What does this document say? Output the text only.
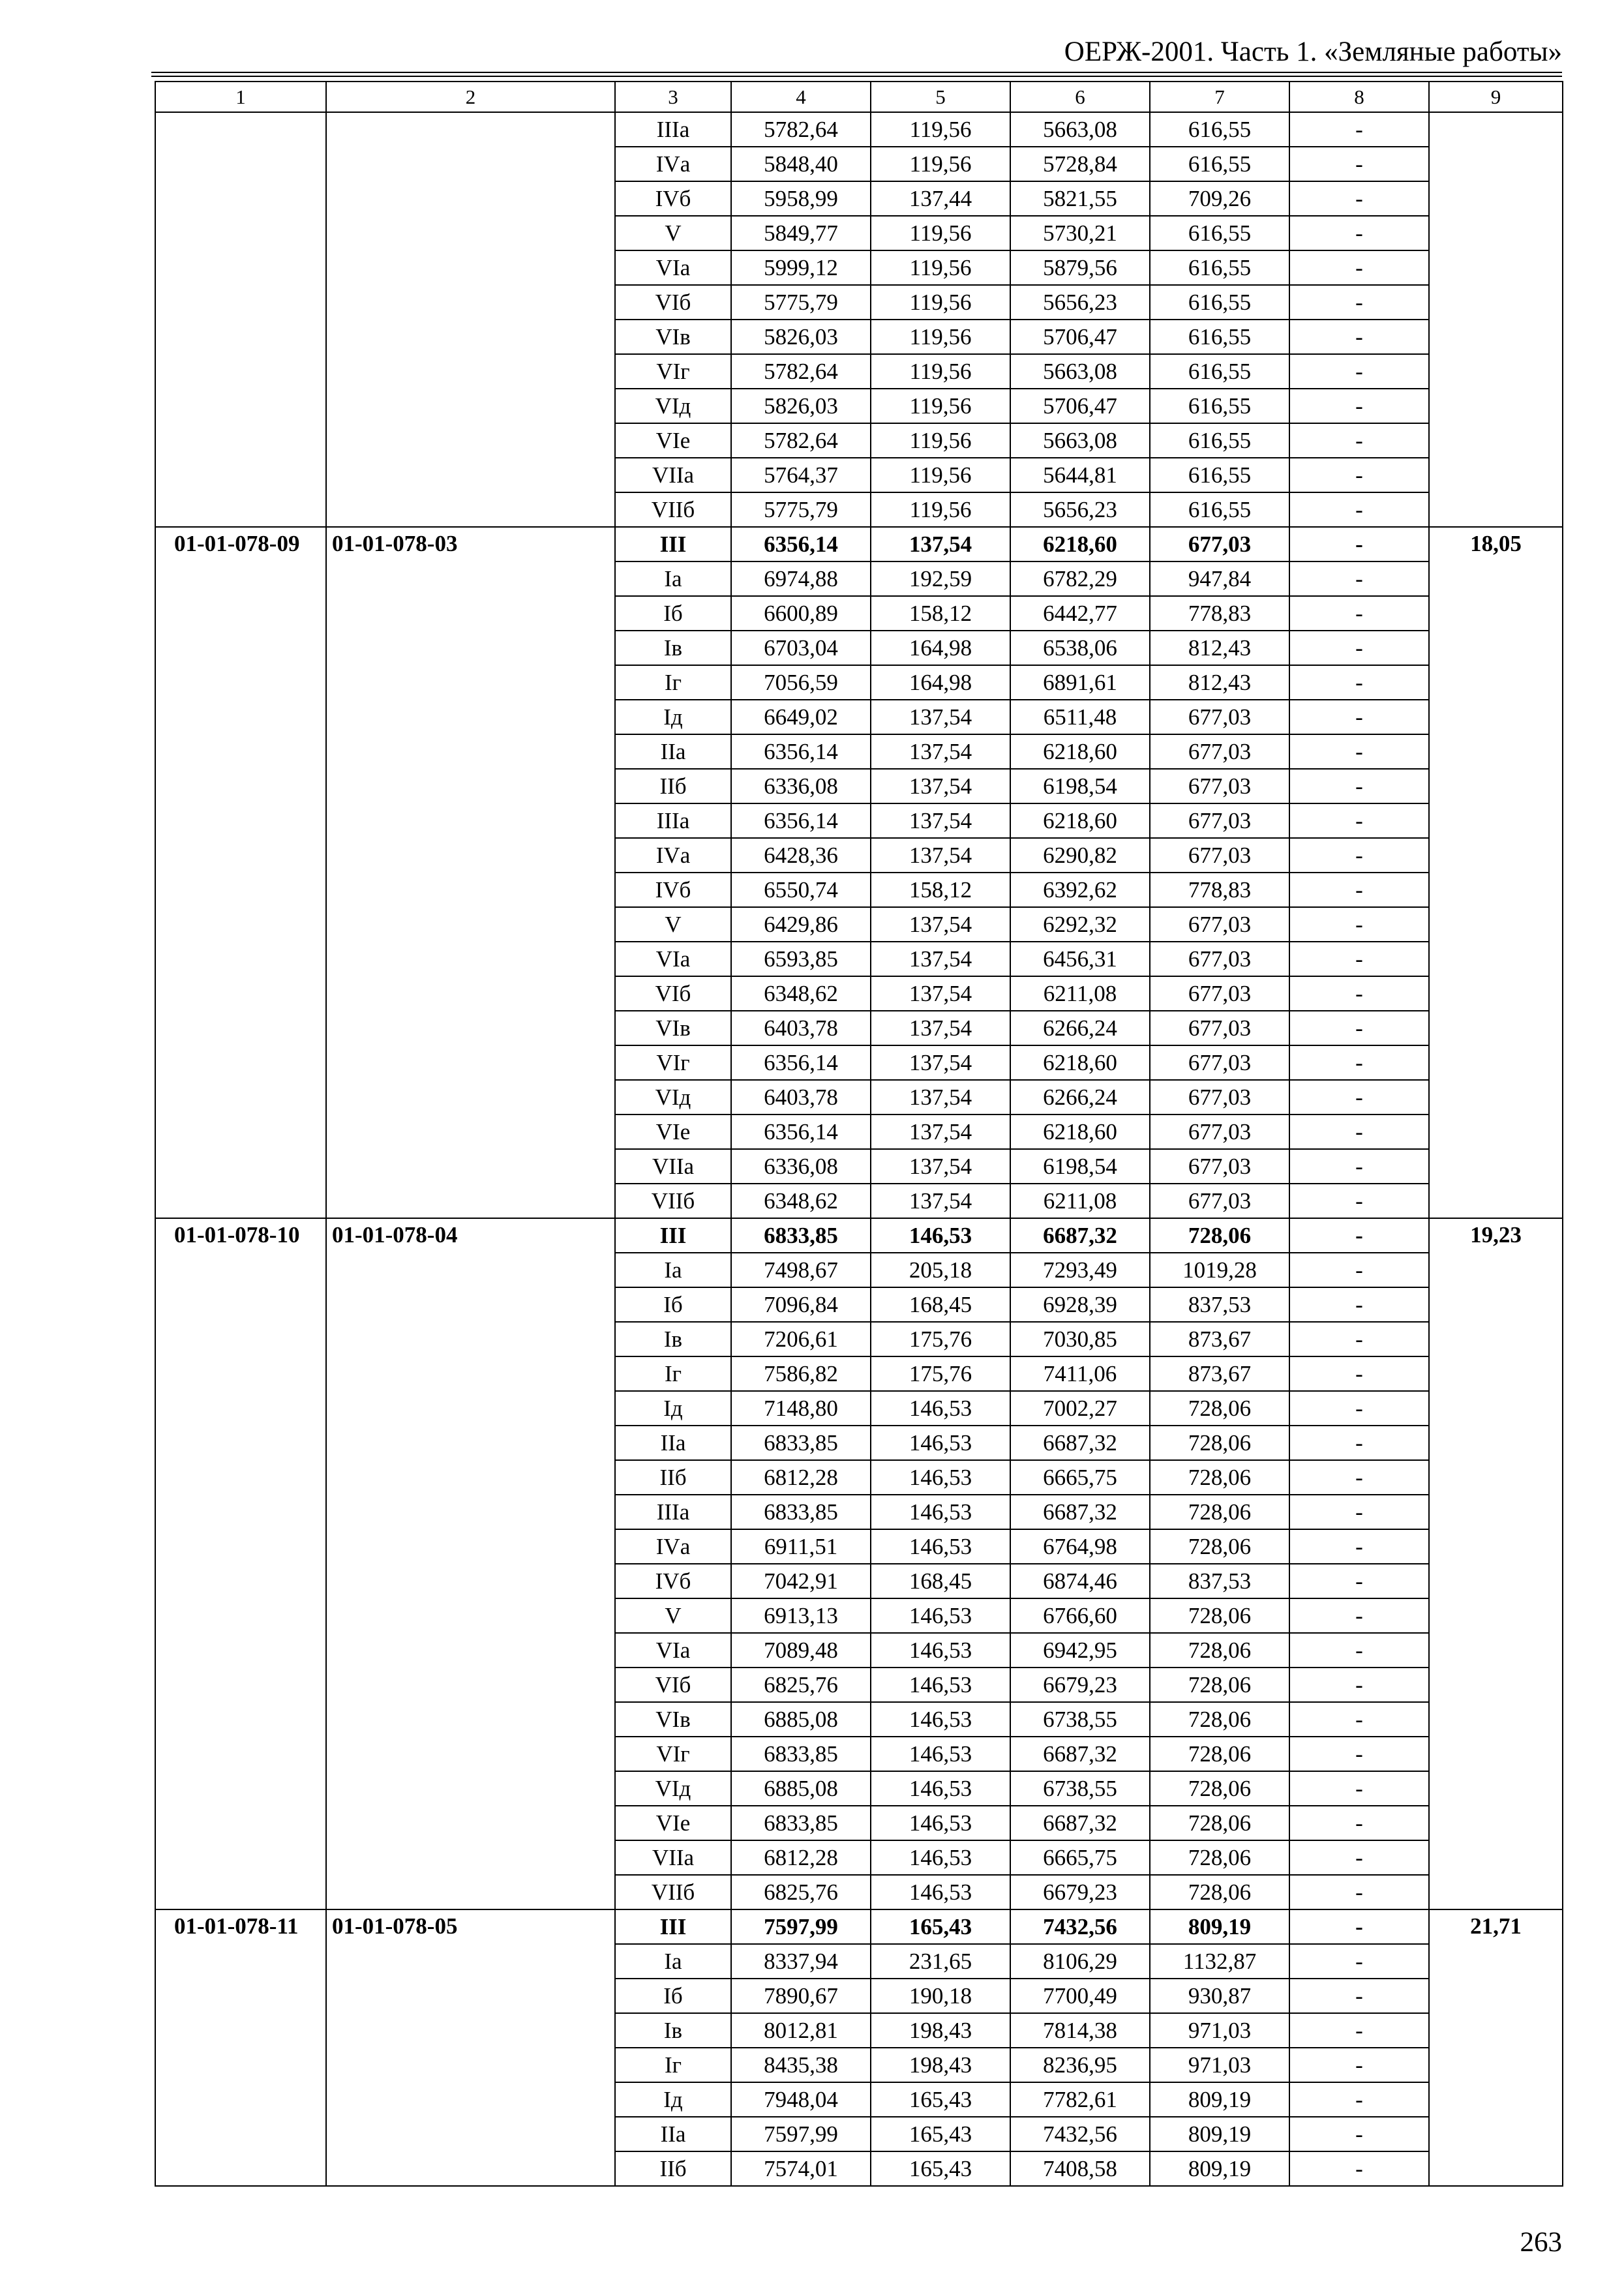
ОЕРЖ-2001. Часть 1. «Земляные работы»
1	2	3	4	5	6	7	8	9
		IIIа	5782,64	119,56	5663,08	616,55	-	
		IVа	5848,40	119,56	5728,84	616,55	-	
		IVб	5958,99	137,44	5821,55	709,26	-	
		V	5849,77	119,56	5730,21	616,55	-	
		VIа	5999,12	119,56	5879,56	616,55	-	
		VIб	5775,79	119,56	5656,23	616,55	-	
		VIв	5826,03	119,56	5706,47	616,55	-	
		VIг	5782,64	119,56	5663,08	616,55	-	
		VIд	5826,03	119,56	5706,47	616,55	-	
		VIе	5782,64	119,56	5663,08	616,55	-	
		VIIа	5764,37	119,56	5644,81	616,55	-	
		VIIб	5775,79	119,56	5656,23	616,55	-	
01-01-078-09	01-01-078-03	III	6356,14	137,54	6218,60	677,03	-	18,05
		Iа	6974,88	192,59	6782,29	947,84	-	
		Iб	6600,89	158,12	6442,77	778,83	-	
		Iв	6703,04	164,98	6538,06	812,43	-	
		Iг	7056,59	164,98	6891,61	812,43	-	
		Iд	6649,02	137,54	6511,48	677,03	-	
		IIа	6356,14	137,54	6218,60	677,03	-	
		IIб	6336,08	137,54	6198,54	677,03	-	
		IIIа	6356,14	137,54	6218,60	677,03	-	
		IVа	6428,36	137,54	6290,82	677,03	-	
		IVб	6550,74	158,12	6392,62	778,83	-	
		V	6429,86	137,54	6292,32	677,03	-	
		VIа	6593,85	137,54	6456,31	677,03	-	
		VIб	6348,62	137,54	6211,08	677,03	-	
		VIв	6403,78	137,54	6266,24	677,03	-	
		VIг	6356,14	137,54	6218,60	677,03	-	
		VIд	6403,78	137,54	6266,24	677,03	-	
		VIе	6356,14	137,54	6218,60	677,03	-	
		VIIа	6336,08	137,54	6198,54	677,03	-	
		VIIб	6348,62	137,54	6211,08	677,03	-	
01-01-078-10	01-01-078-04	III	6833,85	146,53	6687,32	728,06	-	19,23
		Iа	7498,67	205,18	7293,49	1019,28	-	
		Iб	7096,84	168,45	6928,39	837,53	-	
		Iв	7206,61	175,76	7030,85	873,67	-	
		Iг	7586,82	175,76	7411,06	873,67	-	
		Iд	7148,80	146,53	7002,27	728,06	-	
		IIа	6833,85	146,53	6687,32	728,06	-	
		IIб	6812,28	146,53	6665,75	728,06	-	
		IIIа	6833,85	146,53	6687,32	728,06	-	
		IVа	6911,51	146,53	6764,98	728,06	-	
		IVб	7042,91	168,45	6874,46	837,53	-	
		V	6913,13	146,53	6766,60	728,06	-	
		VIа	7089,48	146,53	6942,95	728,06	-	
		VIб	6825,76	146,53	6679,23	728,06	-	
		VIв	6885,08	146,53	6738,55	728,06	-	
		VIг	6833,85	146,53	6687,32	728,06	-	
		VIд	6885,08	146,53	6738,55	728,06	-	
		VIе	6833,85	146,53	6687,32	728,06	-	
		VIIа	6812,28	146,53	6665,75	728,06	-	
		VIIб	6825,76	146,53	6679,23	728,06	-	
01-01-078-11	01-01-078-05	III	7597,99	165,43	7432,56	809,19	-	21,71
		Iа	8337,94	231,65	8106,29	1132,87	-	
		Iб	7890,67	190,18	7700,49	930,87	-	
		Iв	8012,81	198,43	7814,38	971,03	-	
		Iг	8435,38	198,43	8236,95	971,03	-	
		Iд	7948,04	165,43	7782,61	809,19	-	
		IIа	7597,99	165,43	7432,56	809,19	-	
		IIб	7574,01	165,43	7408,58	809,19	-	
263
